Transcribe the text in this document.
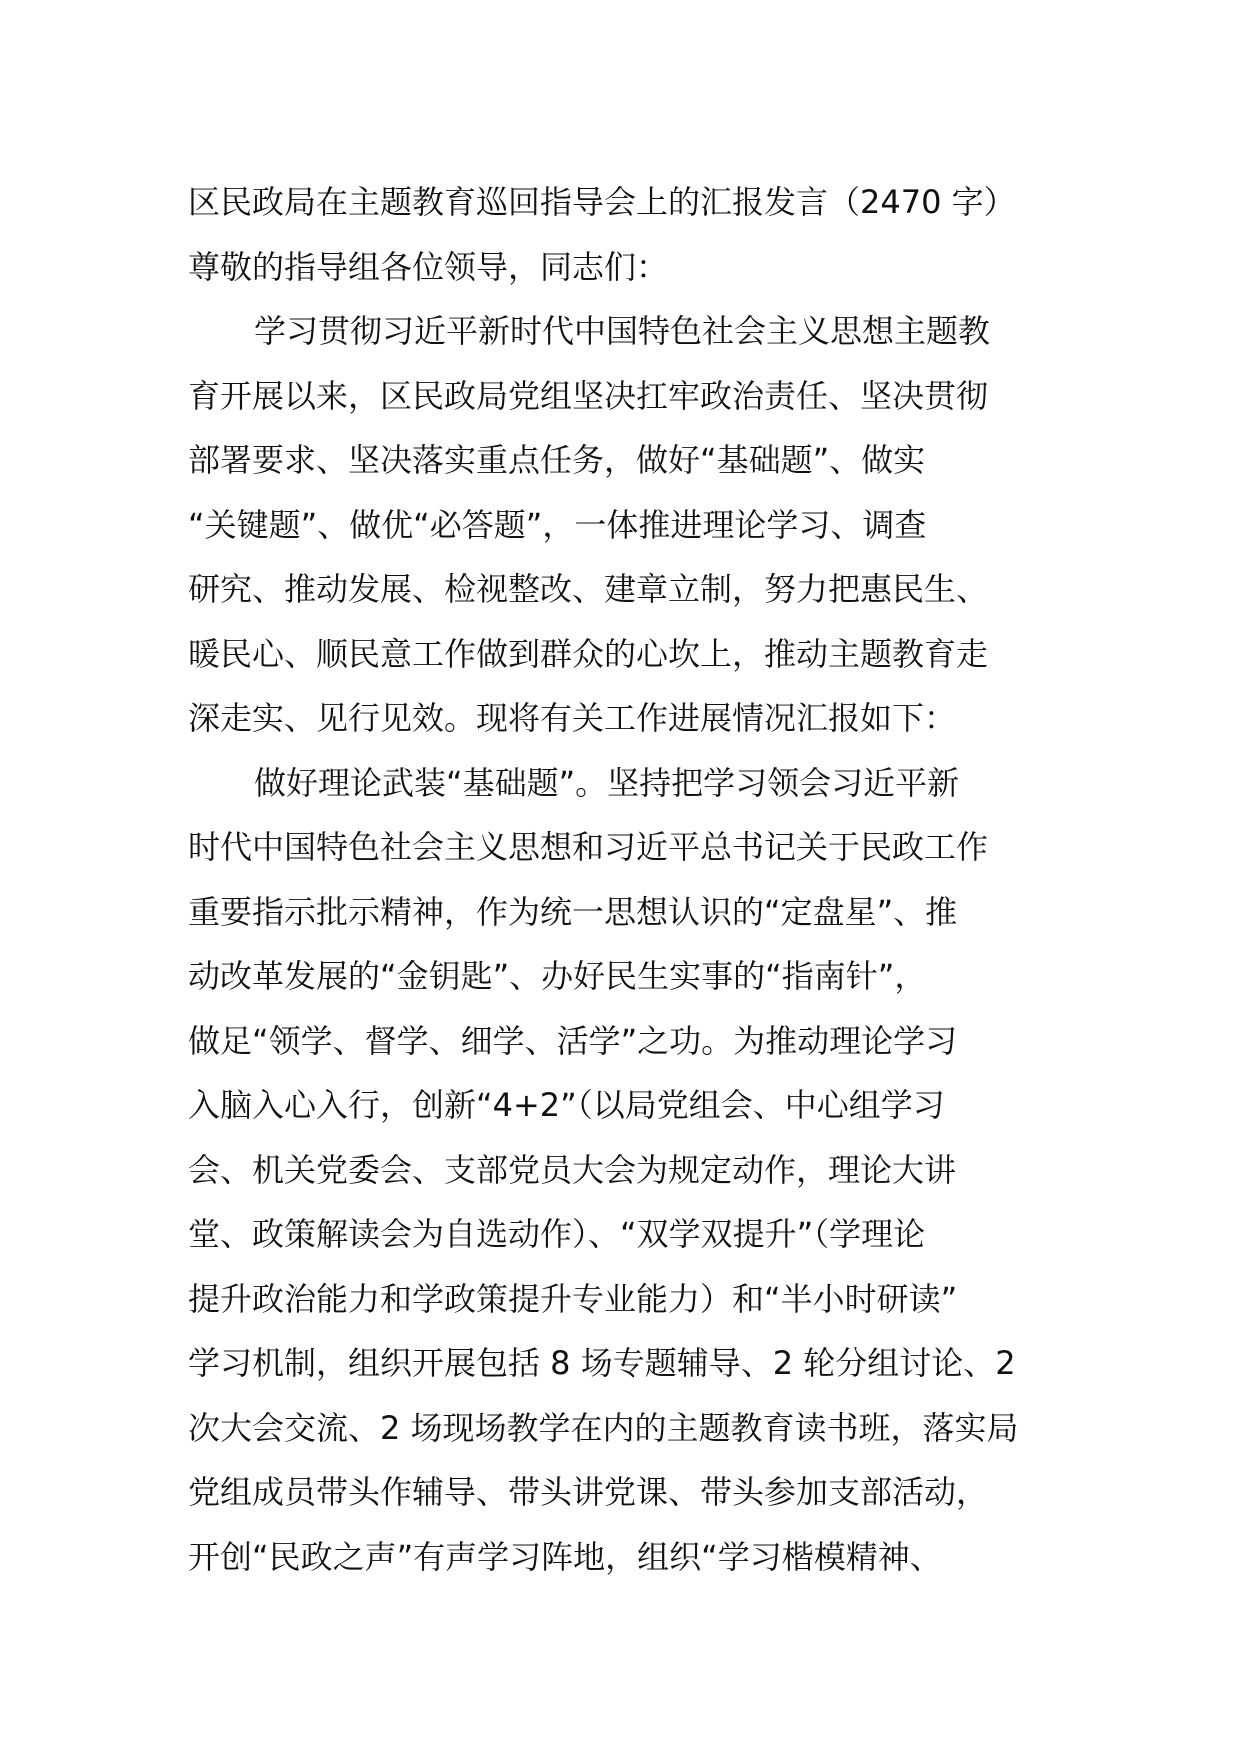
区民政局在主题教育巡回指导会上的汇报发言（2470 字）
尊敬的指导组各位领导，同志们：
学习贯彻习近平新时代中国特色社会主义思想主题教
育开展以来，区民政局党组坚决扛牢政治责任、坚决贯彻
部署要求、坚决落实重点任务，做好“基础题”、做实
“关键题”、做优“必答题”，一体推进理论学习、调查
研究、推动发展、检视整改、建章立制，努力把惠民生、
暖民心、顺民意工作做到群众的心坎上，推动主题教育走
深走实、见行见效。现将有关工作进展情况汇报如下：
做好理论武装“基础题”。坚持把学习领会习近平新
时代中国特色社会主义思想和习近平总书记关于民政工作
重要指示批示精神，作为统一思想认识的“定盘星”、推
动改革发展的“金钥匙”、办好民生实事的“指南针”，
做足“领学、督学、细学、活学”之功。为推动理论学习
入脑入心入行，创新“4+2”（以局党组会、中心组学习
会、机关党委会、支部党员大会为规定动作，理论大讲
堂、政策解读会为自选动作）、“双学双提升”（学理论
提升政治能力和学政策提升专业能力）和“半小时研读”
学习机制，组织开展包括 8 场专题辅导、2 轮分组讨论、2
次大会交流、2 场现场教学在内的主题教育读书班，落实局
党组成员带头作辅导、带头讲党课、带头参加支部活动，
开创“民政之声”有声学习阵地，组织“学习楷模精神、
